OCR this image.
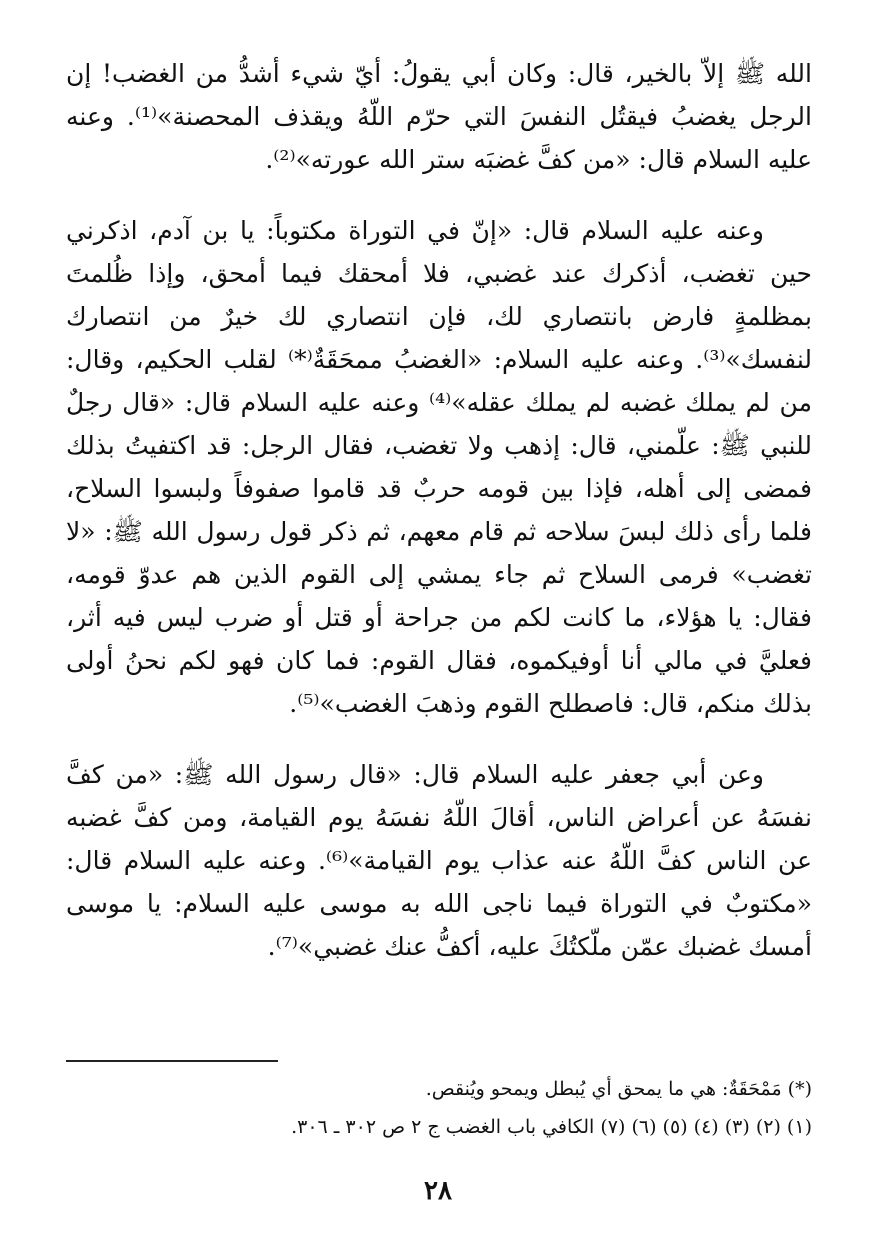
الله ﷺ إلاّ بالخير، قال: وكان أبي يقولُ: أيّ شيء أشدُّ من الغضب! إن الرجل يغضبُ فيقتُل النفسَ التي حرّم اللّهُ ويقذف المحصنة»⁽¹⁾. وعنه عليه السلام قال: «من كفَّ غضبَه ستر الله عورته»⁽²⁾.

وعنه عليه السلام قال: «إنّ في التوراة مكتوباً: يا بن آدم، اذكرني حين تغضب، أذكرك عند غضبي، فلا أمحقك فيما أمحق، وإذا ظُلمتَ بمظلمةٍ فارض بانتصاري لك، فإن انتصاري لك خيرٌ من انتصارك لنفسك»⁽³⁾. وعنه عليه السلام: «الغضبُ ممحَقَةٌ⁽*⁾ لقلب الحكيم، وقال: من لم يملك غضبه لم يملك عقله»⁽⁴⁾ وعنه عليه السلام قال: «قال رجلٌ للنبي ﷺ: علّمني، قال: إذهب ولا تغضب، فقال الرجل: قد اكتفيتُ بذلك فمضى إلى أهله، فإذا بين قومه حربٌ قد قاموا صفوفاً ولبسوا السلاح، فلما رأى ذلك لبسَ سلاحه ثم قام معهم، ثم ذكر قول رسول الله ﷺ: «لا تغضب» فرمى السلاح ثم جاء يمشي إلى القوم الذين هم عدوّ قومه، فقال: يا هؤلاء، ما كانت لكم من جراحة أو قتل أو ضرب ليس فيه أثر، فعليَّ في مالي أنا أوفيكموه، فقال القوم: فما كان فهو لكم نحنُ أولى بذلك منكم، قال: فاصطلح القوم وذهبَ الغضب»⁽⁵⁾.

وعن أبي جعفر عليه السلام قال: «قال رسول الله ﷺ: «من كفَّ نفسَهُ عن أعراض الناس، أقالَ اللّهُ نفسَهُ يوم القيامة، ومن كفَّ غضبه عن الناس كفَّ اللّهُ عنه عذاب يوم القيامة»⁽⁶⁾. وعنه عليه السلام قال: «مكتوبٌ في التوراة فيما ناجى الله به موسى عليه السلام: يا موسى أمسك غضبك عمّن ملّكتُكَ عليه، أكفُّ عنك غضبي»⁽⁷⁾.

(*) مَمْحَقَةٌ: هي ما يمحق أي يُبطل ويمحو ويُنقص.

(١) (٢) (٣) (٤) (٥) (٦) (٧) الكافي باب الغضب ج ٢ ص ٣٠٢ ـ ٣٠٦.

٢٨
